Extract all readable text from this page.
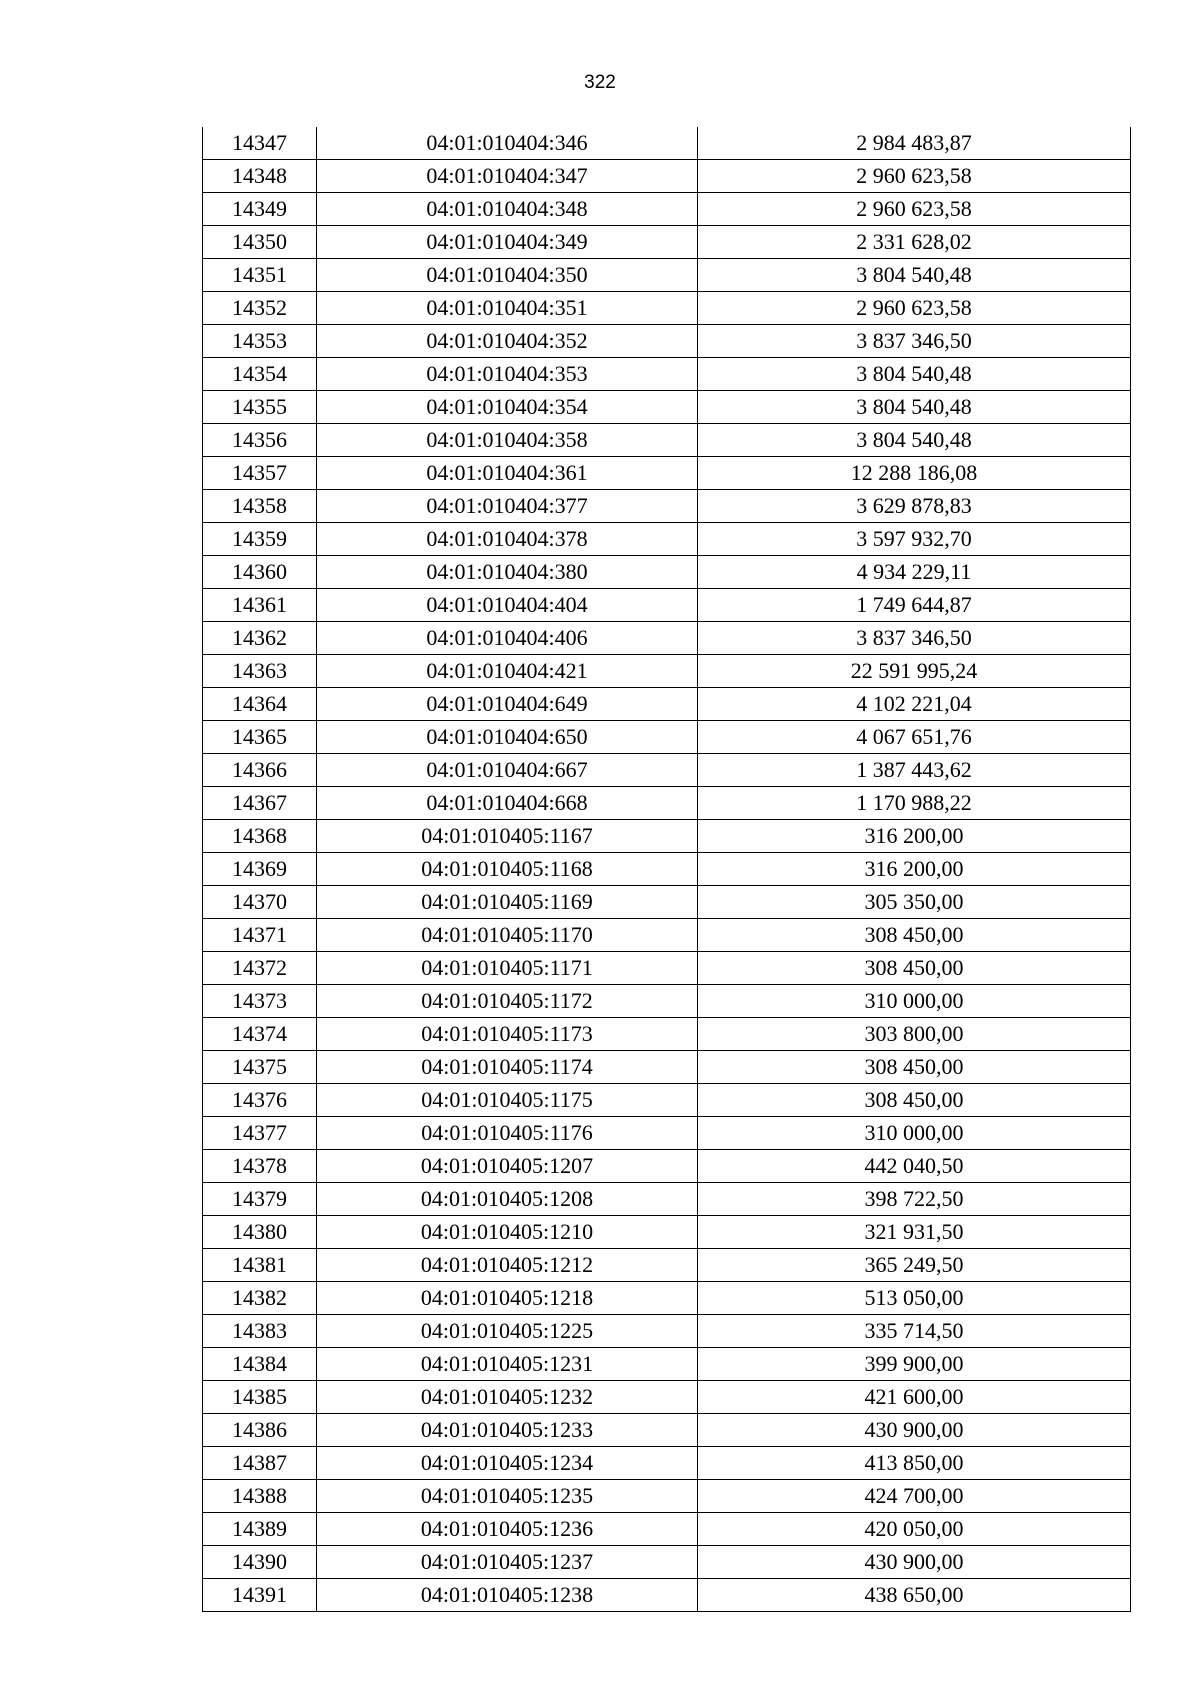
322
14347	04:01:010404:346	2 984 483,87
14348	04:01:010404:347	2 960 623,58
14349	04:01:010404:348	2 960 623,58
14350	04:01:010404:349	2 331 628,02
14351	04:01:010404:350	3 804 540,48
14352	04:01:010404:351	2 960 623,58
14353	04:01:010404:352	3 837 346,50
14354	04:01:010404:353	3 804 540,48
14355	04:01:010404:354	3 804 540,48
14356	04:01:010404:358	3 804 540,48
14357	04:01:010404:361	12 288 186,08
14358	04:01:010404:377	3 629 878,83
14359	04:01:010404:378	3 597 932,70
14360	04:01:010404:380	4 934 229,11
14361	04:01:010404:404	1 749 644,87
14362	04:01:010404:406	3 837 346,50
14363	04:01:010404:421	22 591 995,24
14364	04:01:010404:649	4 102 221,04
14365	04:01:010404:650	4 067 651,76
14366	04:01:010404:667	1 387 443,62
14367	04:01:010404:668	1 170 988,22
14368	04:01:010405:1167	316 200,00
14369	04:01:010405:1168	316 200,00
14370	04:01:010405:1169	305 350,00
14371	04:01:010405:1170	308 450,00
14372	04:01:010405:1171	308 450,00
14373	04:01:010405:1172	310 000,00
14374	04:01:010405:1173	303 800,00
14375	04:01:010405:1174	308 450,00
14376	04:01:010405:1175	308 450,00
14377	04:01:010405:1176	310 000,00
14378	04:01:010405:1207	442 040,50
14379	04:01:010405:1208	398 722,50
14380	04:01:010405:1210	321 931,50
14381	04:01:010405:1212	365 249,50
14382	04:01:010405:1218	513 050,00
14383	04:01:010405:1225	335 714,50
14384	04:01:010405:1231	399 900,00
14385	04:01:010405:1232	421 600,00
14386	04:01:010405:1233	430 900,00
14387	04:01:010405:1234	413 850,00
14388	04:01:010405:1235	424 700,00
14389	04:01:010405:1236	420 050,00
14390	04:01:010405:1237	430 900,00
14391	04:01:010405:1238	438 650,00
